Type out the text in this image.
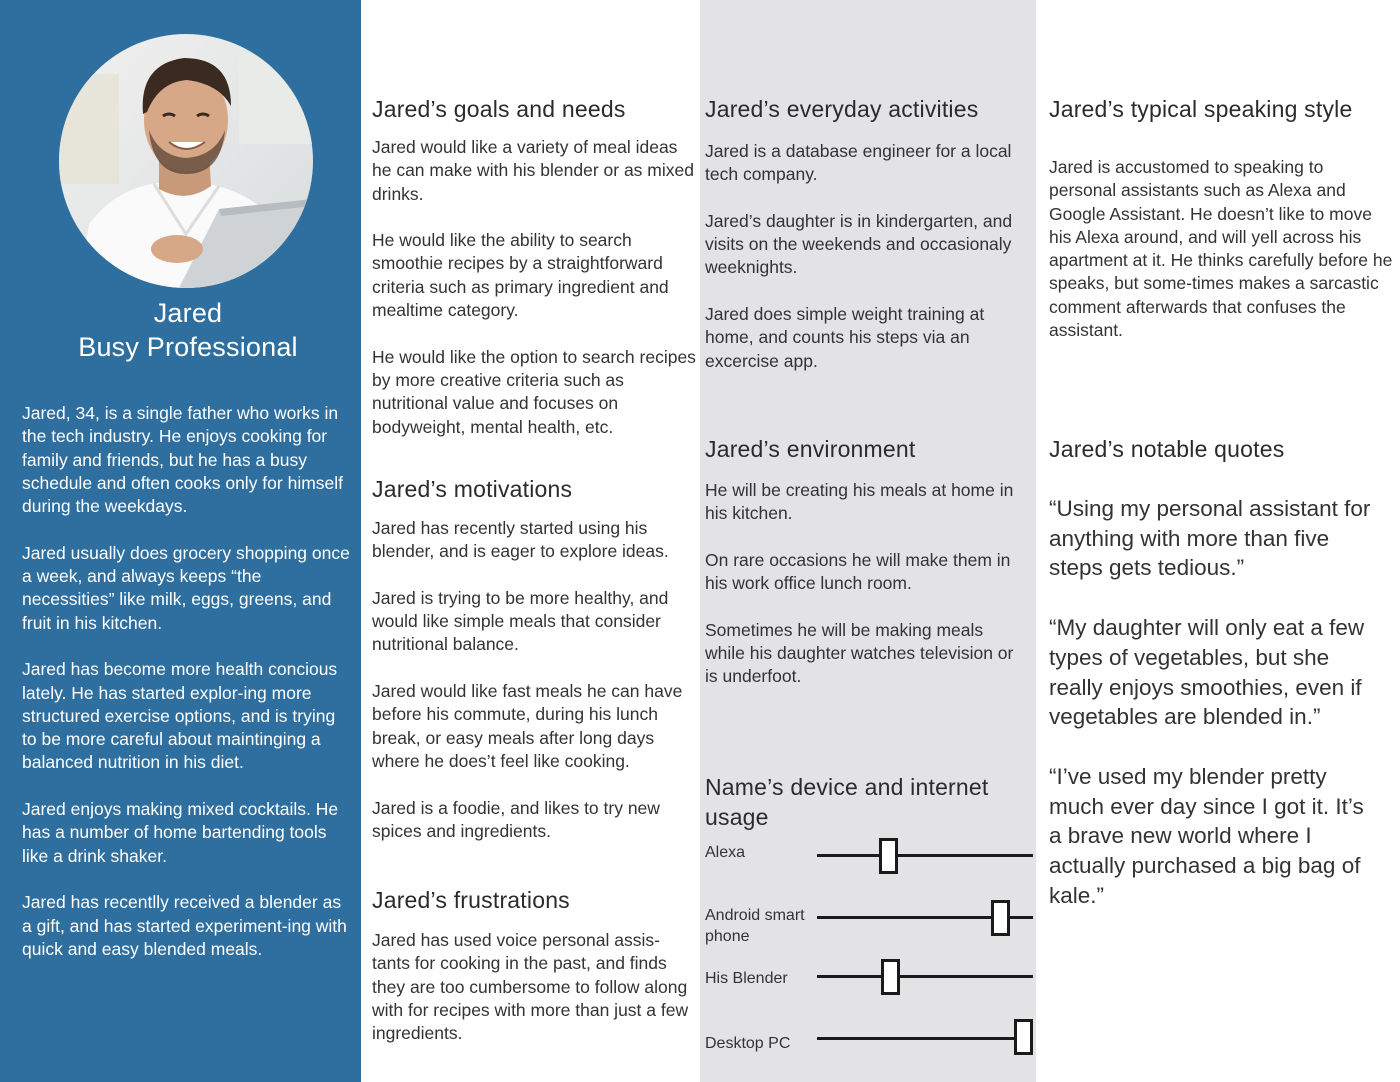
Jared
Busy Professional

Jared, 34, is a single father who works in the tech industry. He enjoys cooking for family and friends, but he has a busy schedule and often cooks only for himself during the weekdays.

Jared usually does grocery shopping once a week, and always keeps “the necessities” like milk, eggs, greens, and fruit in his kitchen.

Jared has become more health concious lately. He has started explor-ing more structured exercise options, and is trying to be more careful about maintinging a balanced nutrition in his diet.

Jared enjoys making mixed cocktails. He has a number of home bartending tools like a drink shaker.

Jared has recentlly received a blender as a gift, and has started experiment-ing with quick and easy blended meals.

Jared’s goals and needs

Jared would like a variety of meal ideas he can make with his blender or as mixed drinks.

He would like the ability to search smoothie recipes by a straightforward criteria such as primary ingredient and mealtime category.

He would like the option to search recipes by more creative criteria such as nutritional value and focuses on bodyweight, mental health, etc.

Jared’s motivations

Jared has recently started using his blender, and is eager to explore ideas.

Jared is trying to be more healthy, and would like simple meals that consider nutritional balance.

Jared would like fast meals he can have before his commute, during his lunch break, or easy meals after long days where he does’t feel like cooking.

Jared is a foodie, and likes to try new spices and ingredients.

Jared’s frustrations

Jared has used voice personal assis-tants for cooking in the past, and finds they are too cumbersome to follow along with for recipes with more than just a few ingredients.

Jared’s everyday activities

Jared is a database engineer for a local tech company.

Jared’s daughter is in kindergarten, and visits on the weekends and occasionaly weeknights.

Jared does simple weight training at home, and counts his steps via an excercise app.

Jared’s environment

He will be creating his meals at home in his kitchen.

On rare occasions he will make them in his work office lunch room.

Sometimes he will be making meals while his daughter watches television or is underfoot.

Name’s device and internet usage
Alexa
Android smart phone
His Blender
Desktop PC
Jared’s typical speaking style

Jared is accustomed to speaking to personal assistants such as Alexa and Google Assistant. He doesn’t like to move his Alexa around, and will yell across his apartment at it. He thinks carefully before he speaks, but some-times makes a sarcastic comment afterwards that confuses the assistant.

Jared’s notable quotes

“Using my personal assistant for anything with more than five steps gets tedious.”

“My daughter will only eat a few types of vegetables, but she really enjoys smoothies, even if vegetables are blended in.”

“I’ve used my blender pretty much ever day since I got it. It’s a brave new world where I actually purchased a big bag of kale.”
